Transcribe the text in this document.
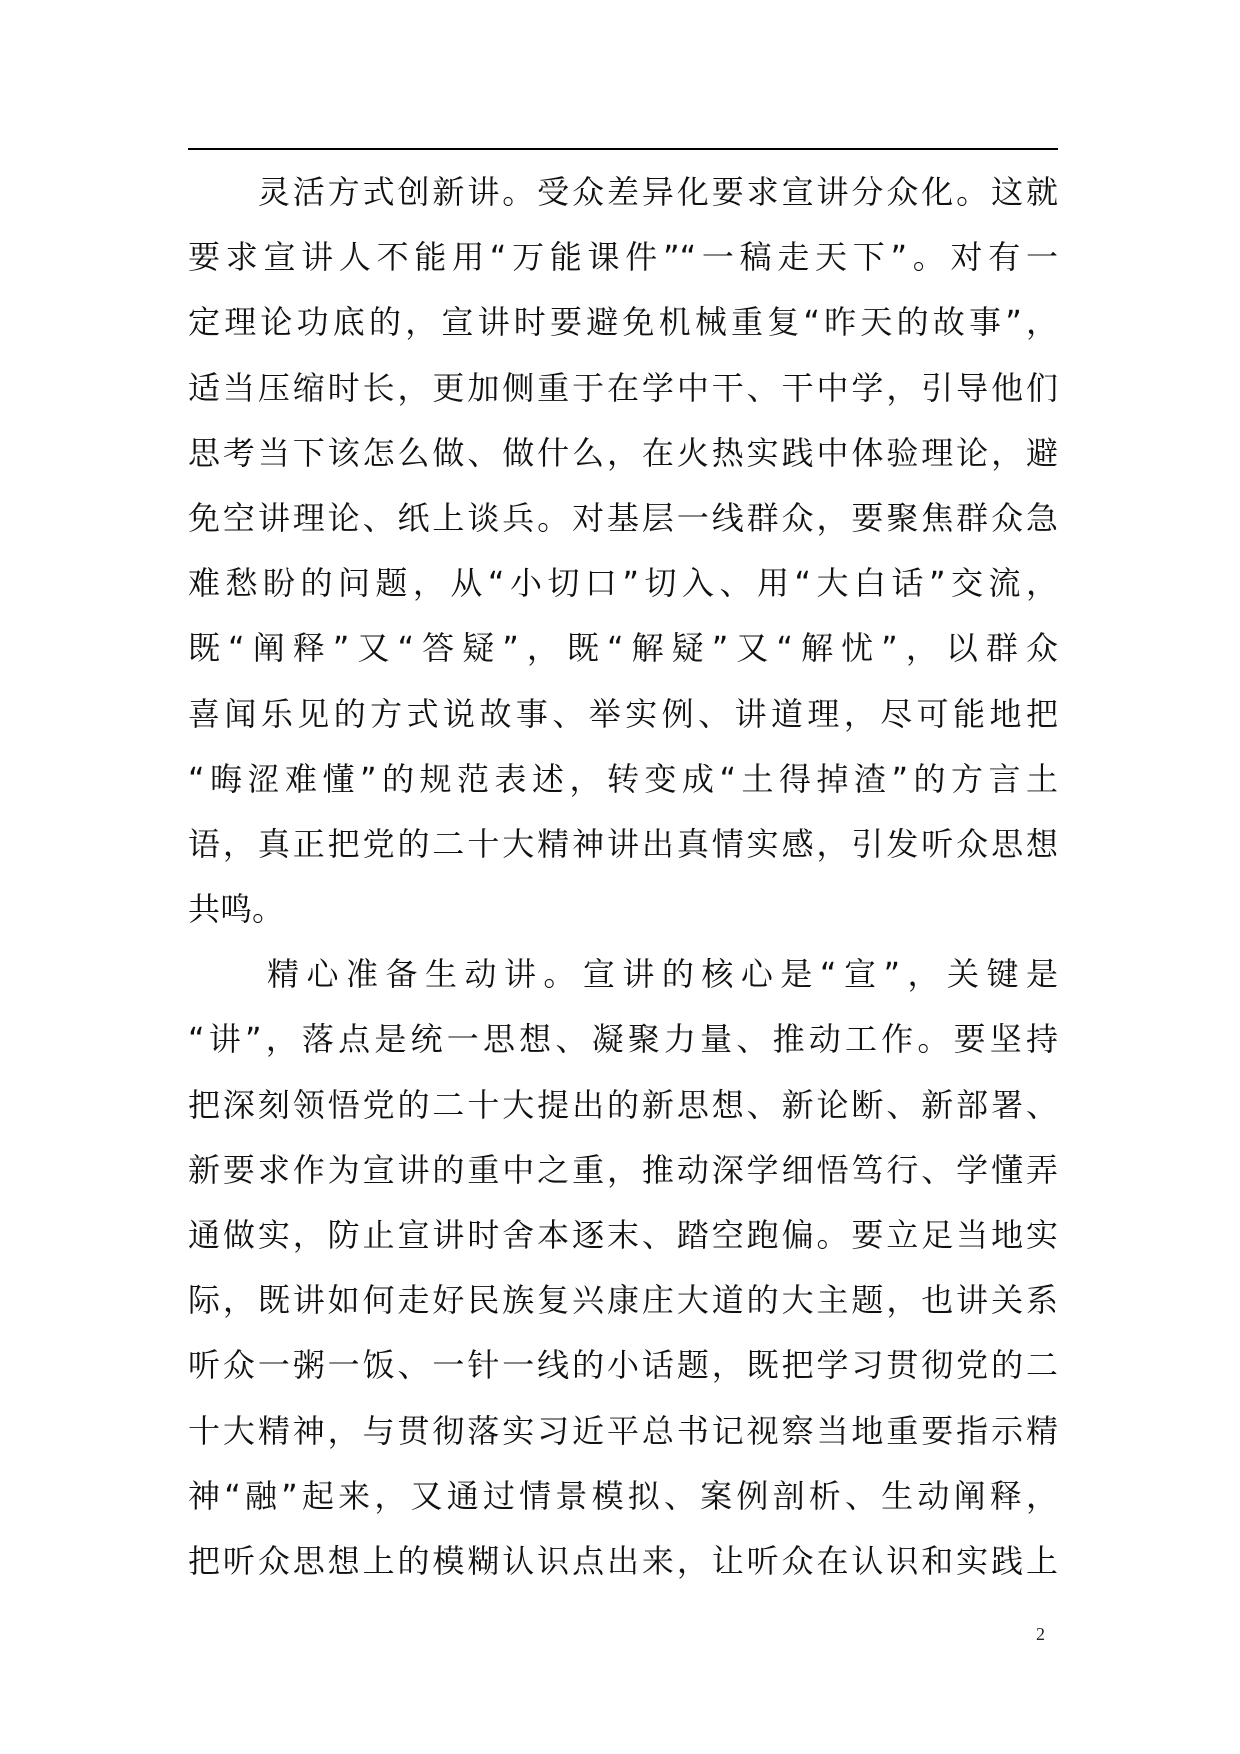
　　灵活方式创新讲。受众差异化要求宣讲分众化。这就
要求宣讲人不能用“万能课件”“一稿走天下”。对有一
定理论功底的，宣讲时要避免机械重复“昨天的故事”，
适当压缩时长，更加侧重于在学中干、干中学，引导他们
思考当下该怎么做、做什么，在火热实践中体验理论，避
免空讲理论、纸上谈兵。对基层一线群众，要聚焦群众急
难愁盼的问题，从“小切口”切入、用“大白话”交流，
既“阐释”又“答疑”，既“解疑”又“解忧”，以群众
喜闻乐见的方式说故事、举实例、讲道理，尽可能地把
“晦涩难懂”的规范表述，转变成“土得掉渣”的方言土
语，真正把党的二十大精神讲出真情实感，引发听众思想
共鸣。
　　精心准备生动讲。宣讲的核心是“宣”，关键是
“讲”，落点是统一思想、凝聚力量、推动工作。要坚持
把深刻领悟党的二十大提出的新思想、新论断、新部署、
新要求作为宣讲的重中之重，推动深学细悟笃行、学懂弄
通做实，防止宣讲时舍本逐末、踏空跑偏。要立足当地实
际，既讲如何走好民族复兴康庄大道的大主题，也讲关系
听众一粥一饭、一针一线的小话题，既把学习贯彻党的二
十大精神，与贯彻落实习近平总书记视察当地重要指示精
神“融”起来，又通过情景模拟、案例剖析、生动阐释，
把听众思想上的模糊认识点出来，让听众在认识和实践上
2
